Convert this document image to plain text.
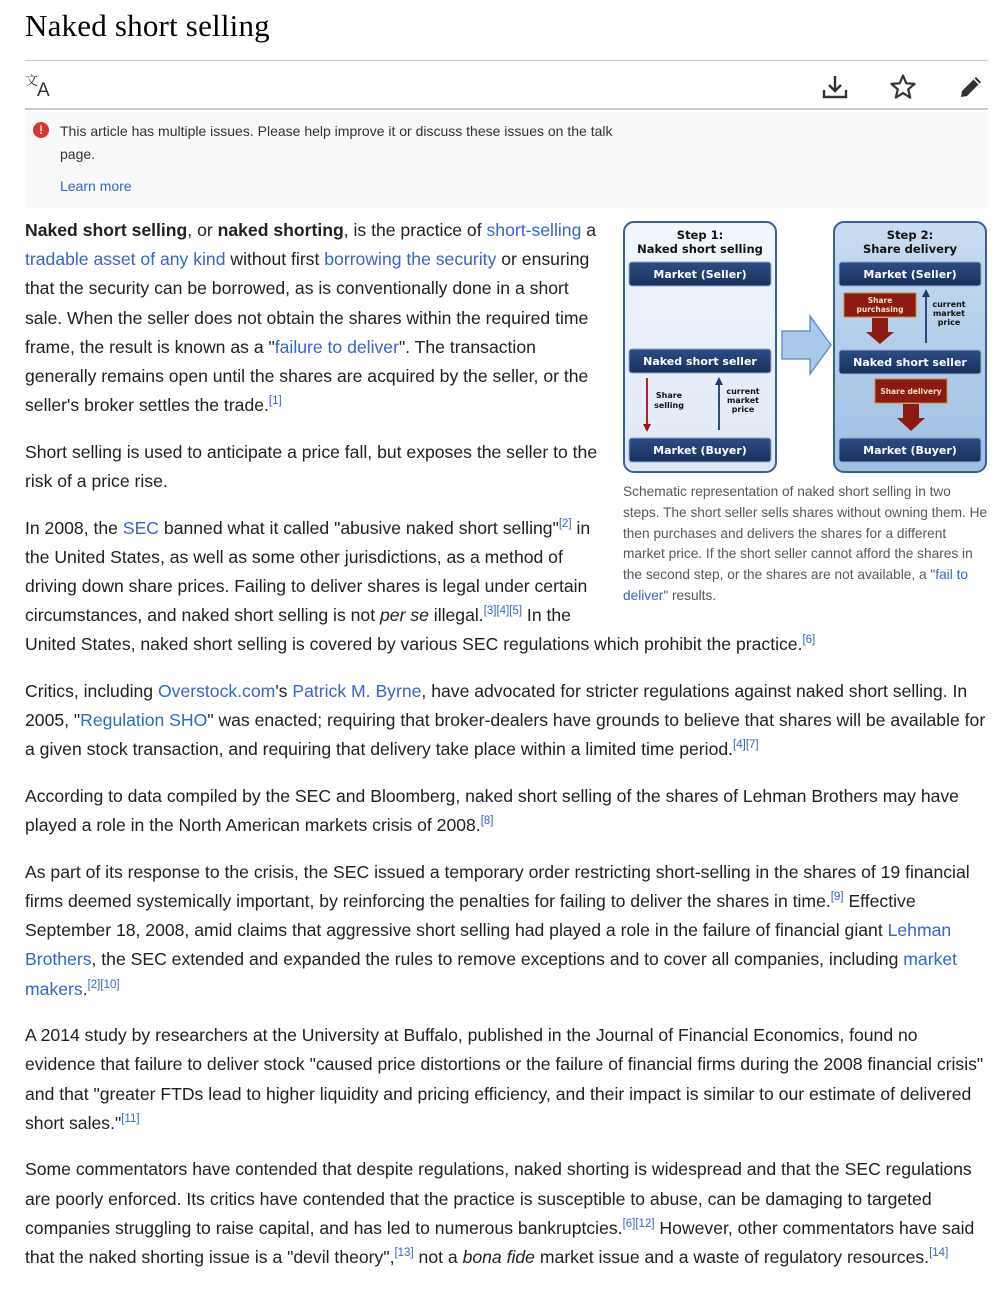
Naked short selling
文
A
!	This article has multiple issues. Please help improve it or discuss these issues on the talk page.
Learn more
Step 1:
Naked short selling
Market (Seller)
Naked short seller
Share
selling
current
market
price
Market (Buyer)
Step 2:
Share delivery
Market (Seller)
Share
purchasing
current
market
price
Naked short seller
Share delivery
Market (Buyer)
Schematic representation of naked short selling in two steps. The short seller sells shares without owning them. He then purchases and delivers the shares for a different market price. If the short seller cannot afford the shares in the second step, or the shares are not available, a "fail to deliver" results.

Naked short selling, or naked shorting, is the practice of short-selling a tradable asset of any kind without first borrowing the security or ensuring that the security can be borrowed, as is conventionally done in a short sale. When the seller does not obtain the shares within the required time frame, the result is known as a "failure to deliver". The transaction generally remains open until the shares are acquired by the seller, or the seller's broker settles the trade.[1]

Short selling is used to anticipate a price fall, but exposes the seller to the risk of a price rise.

In 2008, the SEC banned what it called "abusive naked short selling"[2] in the United States, as well as some other jurisdictions, as a method of driving down share prices. Failing to deliver shares is legal under certain circumstances, and naked short selling is not per se illegal.[3][4][5] In the United States, naked short selling is covered by various SEC regulations which prohibit the practice.[6]

Critics, including Overstock.com's Patrick M. Byrne, have advocated for stricter regulations against naked short selling. In 2005, "Regulation SHO" was enacted; requiring that broker-dealers have grounds to believe that shares will be available for a given stock transaction, and requiring that delivery take place within a limited time period.[4][7]

According to data compiled by the SEC and Bloomberg, naked short selling of the shares of Lehman Brothers may have played a role in the North American markets crisis of 2008.[8]

As part of its response to the crisis, the SEC issued a temporary order restricting short-selling in the shares of 19 financial firms deemed systemically important, by reinforcing the penalties for failing to deliver the shares in time.[9] Effective September 18, 2008, amid claims that aggressive short selling had played a role in the failure of financial giant Lehman Brothers, the SEC extended and expanded the rules to remove exceptions and to cover all companies, including market makers.[2][10]

A 2014 study by researchers at the University at Buffalo, published in the Journal of Financial Economics, found no evidence that failure to deliver stock "caused price distortions or the failure of financial firms during the 2008 financial crisis" and that "greater FTDs lead to higher liquidity and pricing efficiency, and their impact is similar to our estimate of delivered short sales."[11]

Some commentators have contended that despite regulations, naked shorting is widespread and that the SEC regulations are poorly enforced. Its critics have contended that the practice is susceptible to abuse, can be damaging to targeted companies struggling to raise capital, and has led to numerous bankruptcies.[6][12] However, other commentators have said that the naked shorting issue is a "devil theory",[13] not a bona fide market issue and a waste of regulatory resources.[14]
